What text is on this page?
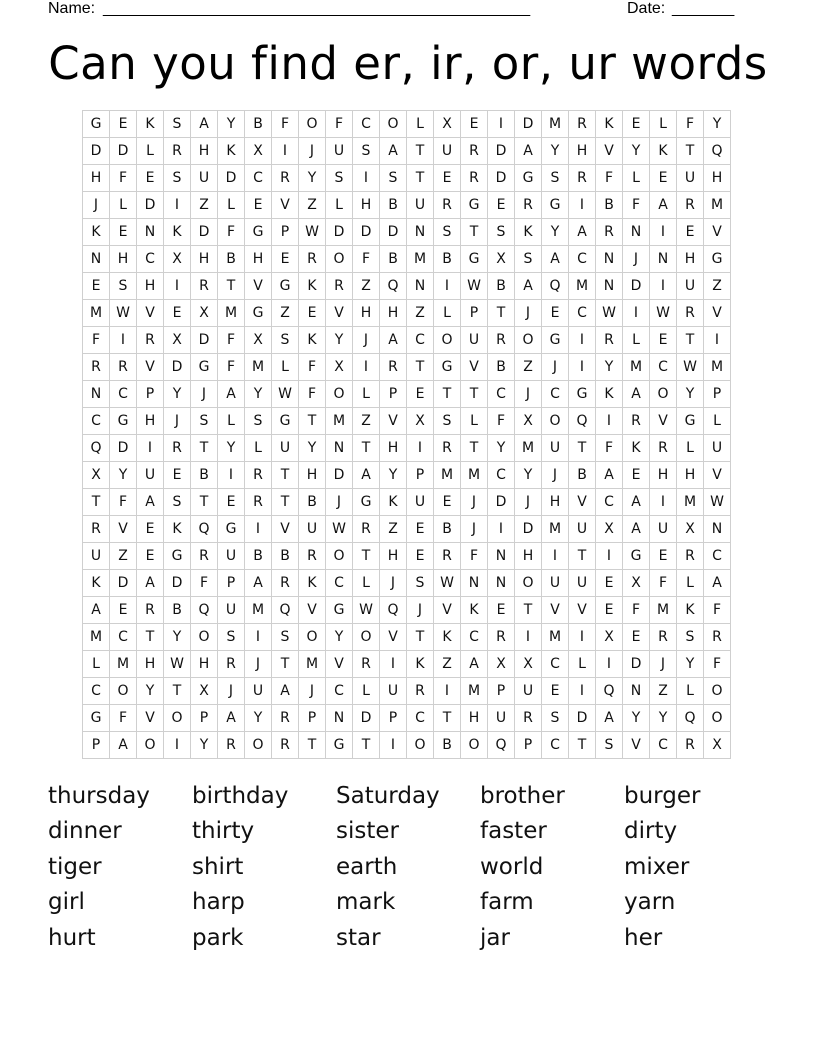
Name: ________________________________________________	Date: _______
Can you find er, ir, or, ur words
G	E	K	S	A	Y	B	F	O	F	C	O	L	X	E	I	D	M	R	K	E	L	F	Y
D	D	L	R	H	K	X	I	J	U	S	A	T	U	R	D	A	Y	H	V	Y	K	T	Q
H	F	E	S	U	D	C	R	Y	S	I	S	T	E	R	D	G	S	R	F	L	E	U	H
J	L	D	I	Z	L	E	V	Z	L	H	B	U	R	G	E	R	G	I	B	F	A	R	M
K	E	N	K	D	F	G	P	W	D	D	D	N	S	T	S	K	Y	A	R	N	I	E	V
N	H	C	X	H	B	H	E	R	O	F	B	M	B	G	X	S	A	C	N	J	N	H	G
E	S	H	I	R	T	V	G	K	R	Z	Q	N	I	W	B	A	Q	M	N	D	I	U	Z
M	W	V	E	X	M	G	Z	E	V	H	H	Z	L	P	T	J	E	C	W	I	W	R	V
F	I	R	X	D	F	X	S	K	Y	J	A	C	O	U	R	O	G	I	R	L	E	T	I
R	R	V	D	G	F	M	L	F	X	I	R	T	G	V	B	Z	J	I	Y	M	C	W	M
N	C	P	Y	J	A	Y	W	F	O	L	P	E	T	T	C	J	C	G	K	A	O	Y	P
C	G	H	J	S	L	S	G	T	M	Z	V	X	S	L	F	X	O	Q	I	R	V	G	L
Q	D	I	R	T	Y	L	U	Y	N	T	H	I	R	T	Y	M	U	T	F	K	R	L	U
X	Y	U	E	B	I	R	T	H	D	A	Y	P	M	M	C	Y	J	B	A	E	H	H	V
T	F	A	S	T	E	R	T	B	J	G	K	U	E	J	D	J	H	V	C	A	I	M	W
R	V	E	K	Q	G	I	V	U	W	R	Z	E	B	J	I	D	M	U	X	A	U	X	N
U	Z	E	G	R	U	B	B	R	O	T	H	E	R	F	N	H	I	T	I	G	E	R	C
K	D	A	D	F	P	A	R	K	C	L	J	S	W	N	N	O	U	U	E	X	F	L	A
A	E	R	B	Q	U	M	Q	V	G	W	Q	J	V	K	E	T	V	V	E	F	M	K	F
M	C	T	Y	O	S	I	S	O	Y	O	V	T	K	C	R	I	M	I	X	E	R	S	R
L	M	H	W	H	R	J	T	M	V	R	I	K	Z	A	X	X	C	L	I	D	J	Y	F
C	O	Y	T	X	J	U	A	J	C	L	U	R	I	M	P	U	E	I	Q	N	Z	L	O
G	F	V	O	P	A	Y	R	P	N	D	P	C	T	H	U	R	S	D	A	Y	Y	Q	O
P	A	O	I	Y	R	O	R	T	G	T	I	O	B	O	Q	P	C	T	S	V	C	R	X
thursday	birthday	Saturday	brother	burger
dinner	thirty	sister	faster	dirty
tiger	shirt	earth	world	mixer
girl	harp	mark	farm	yarn
hurt	park	star	jar	her
